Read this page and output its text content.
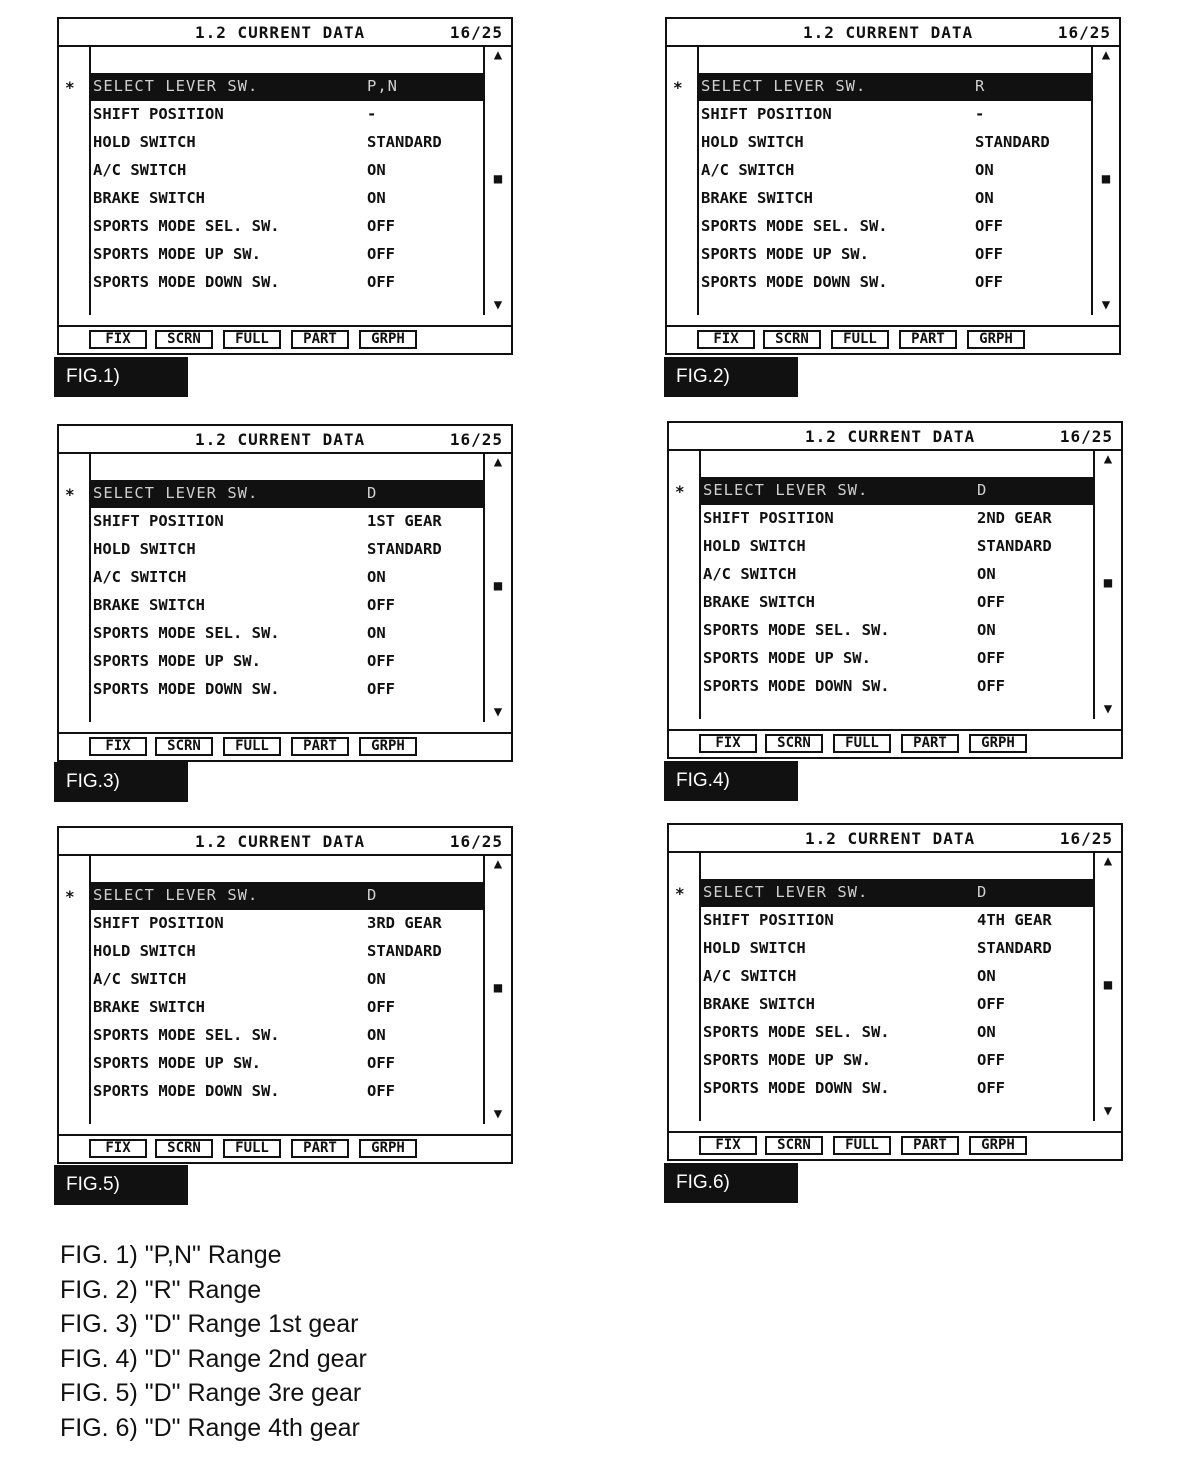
1.2 CURRENT DATA	16/25
* SELECT LEVER SW.	P,N
SHIFT POSITION	-
HOLD SWITCH	STANDARD
A/C SWITCH	ON
BRAKE SWITCH	ON
SPORTS MODE SEL. SW.	OFF
SPORTS MODE UP SW.	OFF
SPORTS MODE DOWN SW.	OFF
▲
■
▼
FIX	SCRN	FULL	PART	GRPH
FIG.1)
1.2 CURRENT DATA	16/25
* SELECT LEVER SW.	R
SHIFT POSITION	-
HOLD SWITCH	STANDARD
A/C SWITCH	ON
BRAKE SWITCH	ON
SPORTS MODE SEL. SW.	OFF
SPORTS MODE UP SW.	OFF
SPORTS MODE DOWN SW.	OFF
▲
■
▼
FIX	SCRN	FULL	PART	GRPH
FIG.2)
1.2 CURRENT DATA	16/25
* SELECT LEVER SW.	D
SHIFT POSITION	1ST GEAR
HOLD SWITCH	STANDARD
A/C SWITCH	ON
BRAKE SWITCH	OFF
SPORTS MODE SEL. SW.	ON
SPORTS MODE UP SW.	OFF
SPORTS MODE DOWN SW.	OFF
▲
■
▼
FIX	SCRN	FULL	PART	GRPH
FIG.3)
1.2 CURRENT DATA	16/25
* SELECT LEVER SW.	D
SHIFT POSITION	2ND GEAR
HOLD SWITCH	STANDARD
A/C SWITCH	ON
BRAKE SWITCH	OFF
SPORTS MODE SEL. SW.	ON
SPORTS MODE UP SW.	OFF
SPORTS MODE DOWN SW.	OFF
▲
■
▼
FIX	SCRN	FULL	PART	GRPH
FIG.4)
1.2 CURRENT DATA	16/25
* SELECT LEVER SW.	D
SHIFT POSITION	3RD GEAR
HOLD SWITCH	STANDARD
A/C SWITCH	ON
BRAKE SWITCH	OFF
SPORTS MODE SEL. SW.	ON
SPORTS MODE UP SW.	OFF
SPORTS MODE DOWN SW.	OFF
▲
■
▼
FIX	SCRN	FULL	PART	GRPH
FIG.5)
1.2 CURRENT DATA	16/25
* SELECT LEVER SW.	D
SHIFT POSITION	4TH GEAR
HOLD SWITCH	STANDARD
A/C SWITCH	ON
BRAKE SWITCH	OFF
SPORTS MODE SEL. SW.	ON
SPORTS MODE UP SW.	OFF
SPORTS MODE DOWN SW.	OFF
▲
■
▼
FIX	SCRN	FULL	PART	GRPH
FIG.6)
FIG. 1) "P,N" Range
FIG. 2) "R" Range
FIG. 3) "D" Range 1st gear
FIG. 4) "D" Range 2nd gear
FIG. 5) "D" Range 3re gear
FIG. 6) "D" Range 4th gear
